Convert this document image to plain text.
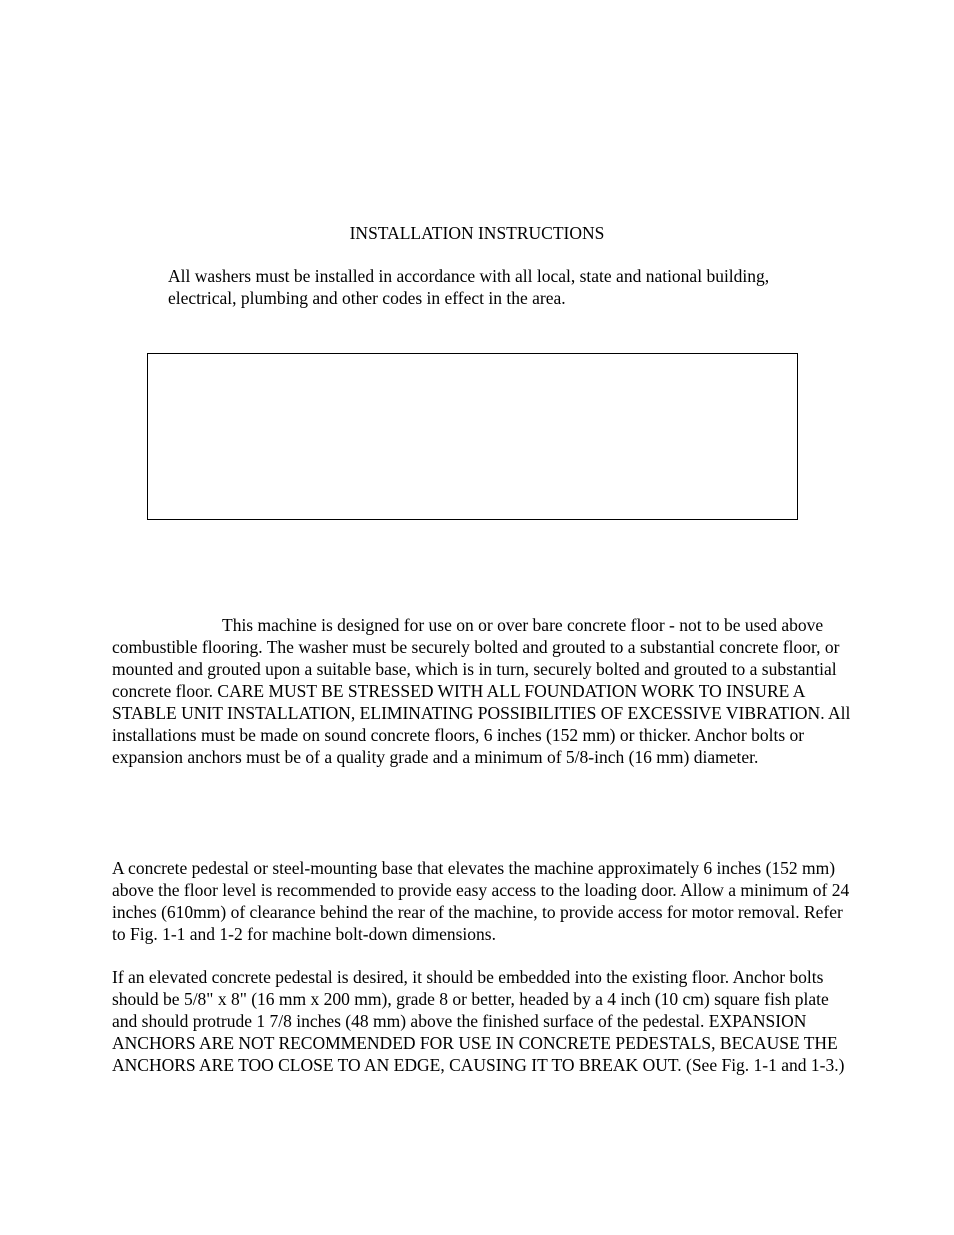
INSTALLATION INSTRUCTIONS

All washers must be installed in accordance with all local, state and national building, electrical, plumbing and other codes in effect in the area.

This machine is designed for use on or over bare concrete floor - not to be used above combustible flooring. The washer must be securely bolted and grouted to a substantial concrete floor, or mounted and grouted upon a suitable base, which is in turn, securely bolted and grouted to a substantial concrete floor. CARE MUST BE STRESSED WITH ALL FOUNDATION WORK TO INSURE A STABLE UNIT INSTALLATION, ELIMINATING POSSIBILITIES OF EXCESSIVE VIBRATION. All installations must be made on sound concrete floors, 6 inches (152 mm) or thicker. Anchor bolts or expansion anchors must be of a quality grade and a minimum of 5/8-inch (16 mm) diameter.

A concrete pedestal or steel-mounting base that elevates the machine approximately 6 inches (152 mm) above the floor level is recommended to provide easy access to the loading door. Allow a minimum of 24 inches (610mm) of clearance behind the rear of the machine, to provide access for motor removal. Refer to Fig. 1-1 and 1-2 for machine bolt-down dimensions.

If an elevated concrete pedestal is desired, it should be embedded into the existing floor. Anchor bolts should be 5/8" x 8" (16 mm x 200 mm), grade 8 or better, headed by a 4 inch (10 cm) square fish plate and should protrude 1 7/8 inches (48 mm) above the finished surface of the pedestal. EXPANSION ANCHORS ARE NOT RECOMMENDED FOR USE IN CONCRETE PEDESTALS, BECAUSE THE ANCHORS ARE TOO CLOSE TO AN EDGE, CAUSING IT TO BREAK OUT. (See Fig. 1-1 and 1-3.)
